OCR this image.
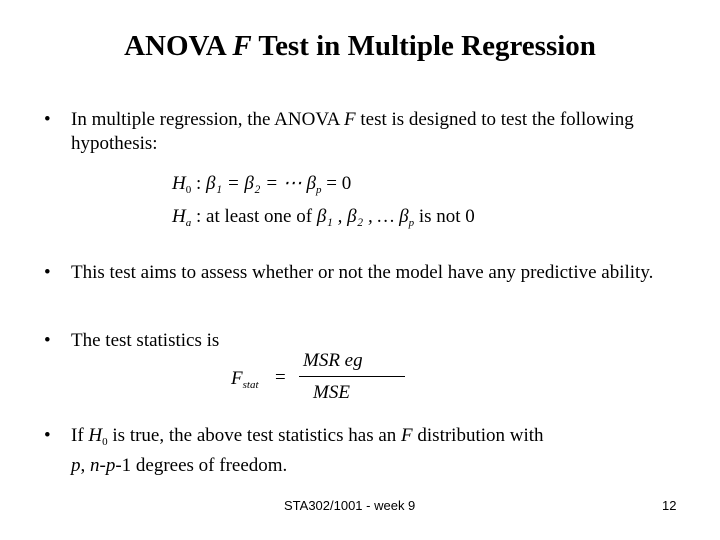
ANOVA F Test in Multiple Regression
•	In multiple regression, the ANOVA F test is designed to test the following hypothesis:
$H_0$ : β₁ = β₂ = ⋯ $\beta_p = 0$
$H_a$ : at least one of β₁ , β₂ , … $\beta_p$ is not 0
•	This test aims to assess whether or not the model have any predictive ability.
•	The test statistics is
$F_{stat}$ =
MSR eg
MSE
•	If $H_0$ is true, the above test statistics has an F distribution with
p, n-p-1 degrees of freedom.
STA302/1001 - week 9	12
